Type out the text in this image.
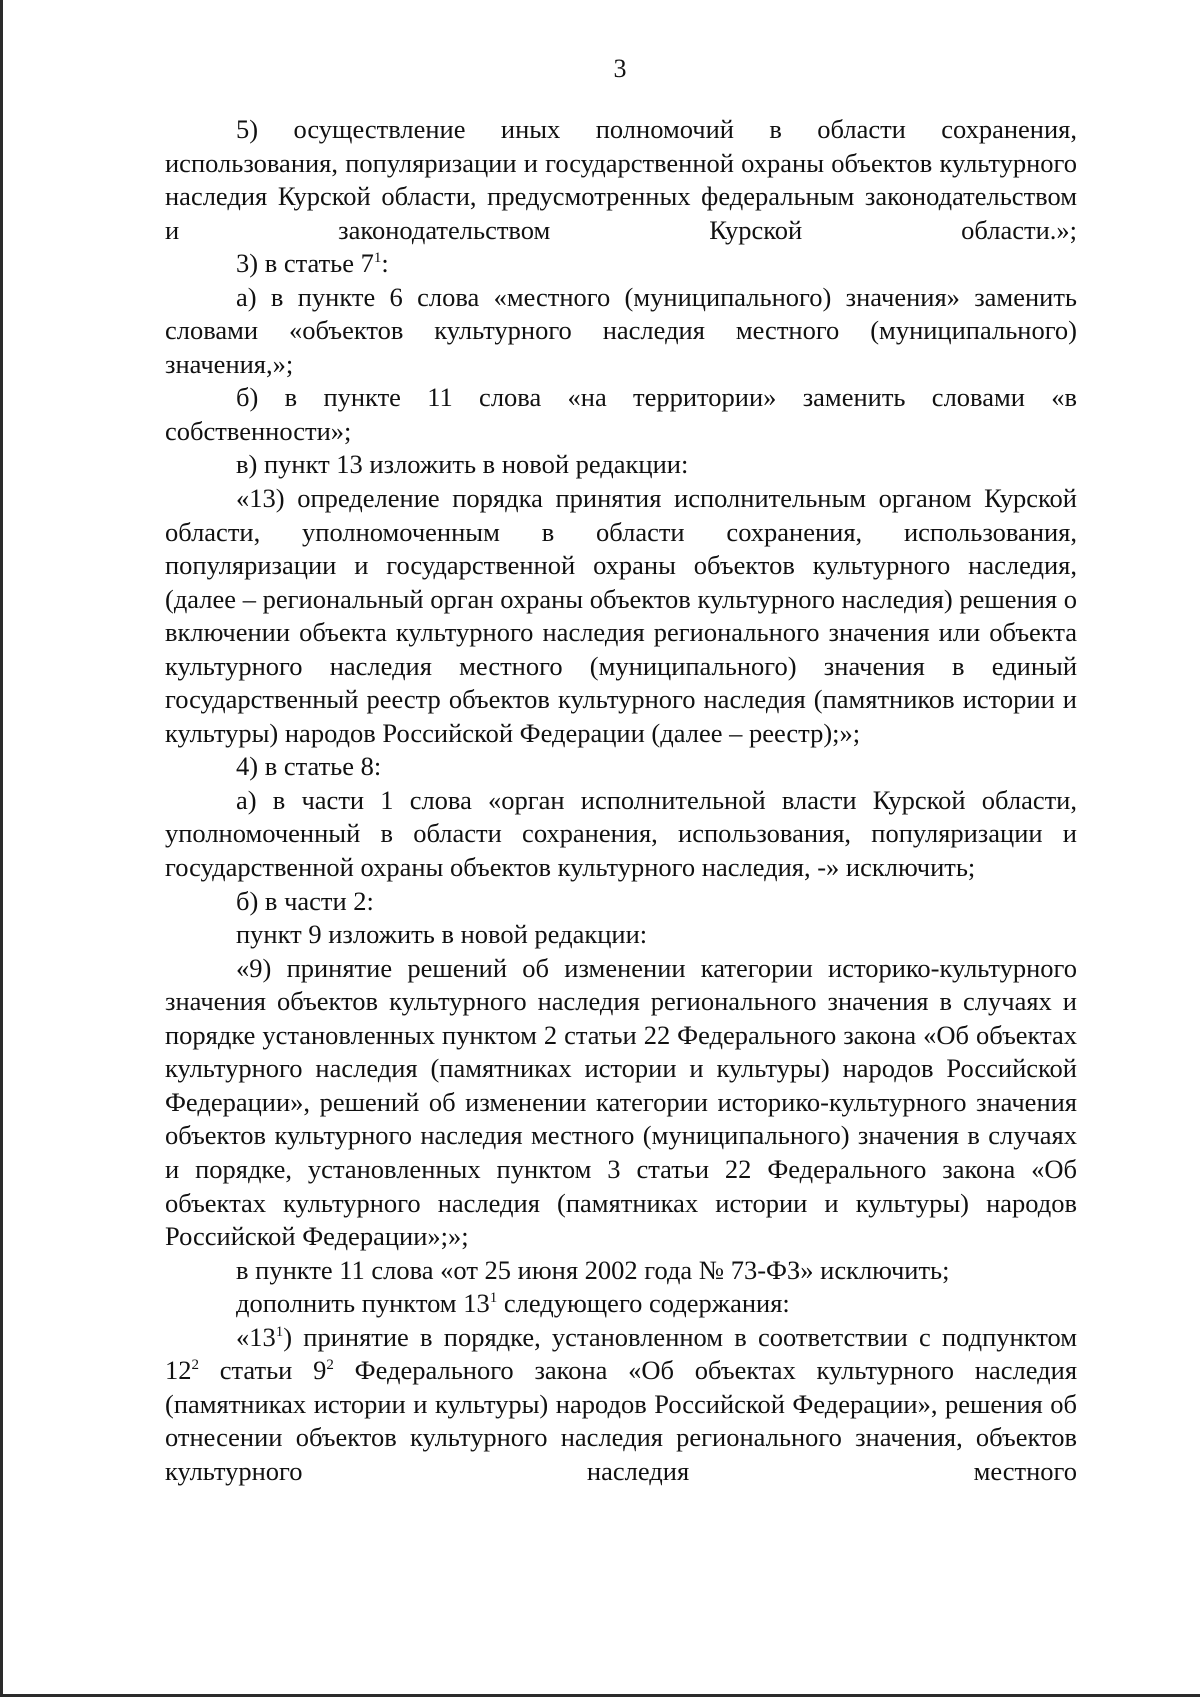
3

5) осуществление иных полномочий в области сохранения, использования, популяризации и государственной охраны объектов культурного наследия Курской области, предусмотренных федеральным законодательством и законодательством Курской области.»;

3) в статье $7^1$:

а) в пункте 6 слова «местного (муниципального) значения» заменить словами «объектов культурного наследия местного (муниципального) значения,»;

б) в пункте 11 слова «на территории» заменить словами «в собственности»;

в) пункт 13 изложить в новой редакции:

«13) определение порядка принятия исполнительным органом Курской области, уполномоченным в области сохранения, использования, популяризации и государственной охраны объектов культурного наследия, (далее – региональный орган охраны объектов культурного наследия) решения о включении объекта культурного наследия регионального значения или объекта культурного наследия местного (муниципального) значения в единый государственный реестр объектов культурного наследия (памятников истории и культуры) народов Российской Федерации (далее – реестр);»;

4) в статье 8:

а) в части 1 слова «орган исполнительной власти Курской области, уполномоченный в области сохранения, использования, популяризации и государственной охраны объектов культурного наследия, -» исключить;

б) в части 2:

пункт 9 изложить в новой редакции:

«9) принятие решений об изменении категории историко-культурного значения объектов культурного наследия регионального значения в случаях и порядке установленных пунктом 2 статьи 22 Федерального закона «Об объектах культурного наследия (памятниках истории и культуры) народов Российской Федерации», решений об изменении категории историко-культурного значения объектов культурного наследия местного (муниципального) значения в случаях и порядке, установленных пунктом 3 статьи 22 Федерального закона «Об объектах культурного наследия (памятниках истории и культуры) народов Российской Федерации»;»;

в пункте 11 слова «от 25 июня 2002 года № 73-ФЗ» исключить;

дополнить пунктом $13^1$ следующего содержания:

«$13^1$) принятие в порядке, установленном в соответствии с подпунктом $12^2$ статьи $9^2$ Федерального закона «Об объектах культурного наследия (памятниках истории и культуры) народов Российской Федерации», решения об отнесении объектов культурного наследия регионального значения, объектов культурного наследия местного
